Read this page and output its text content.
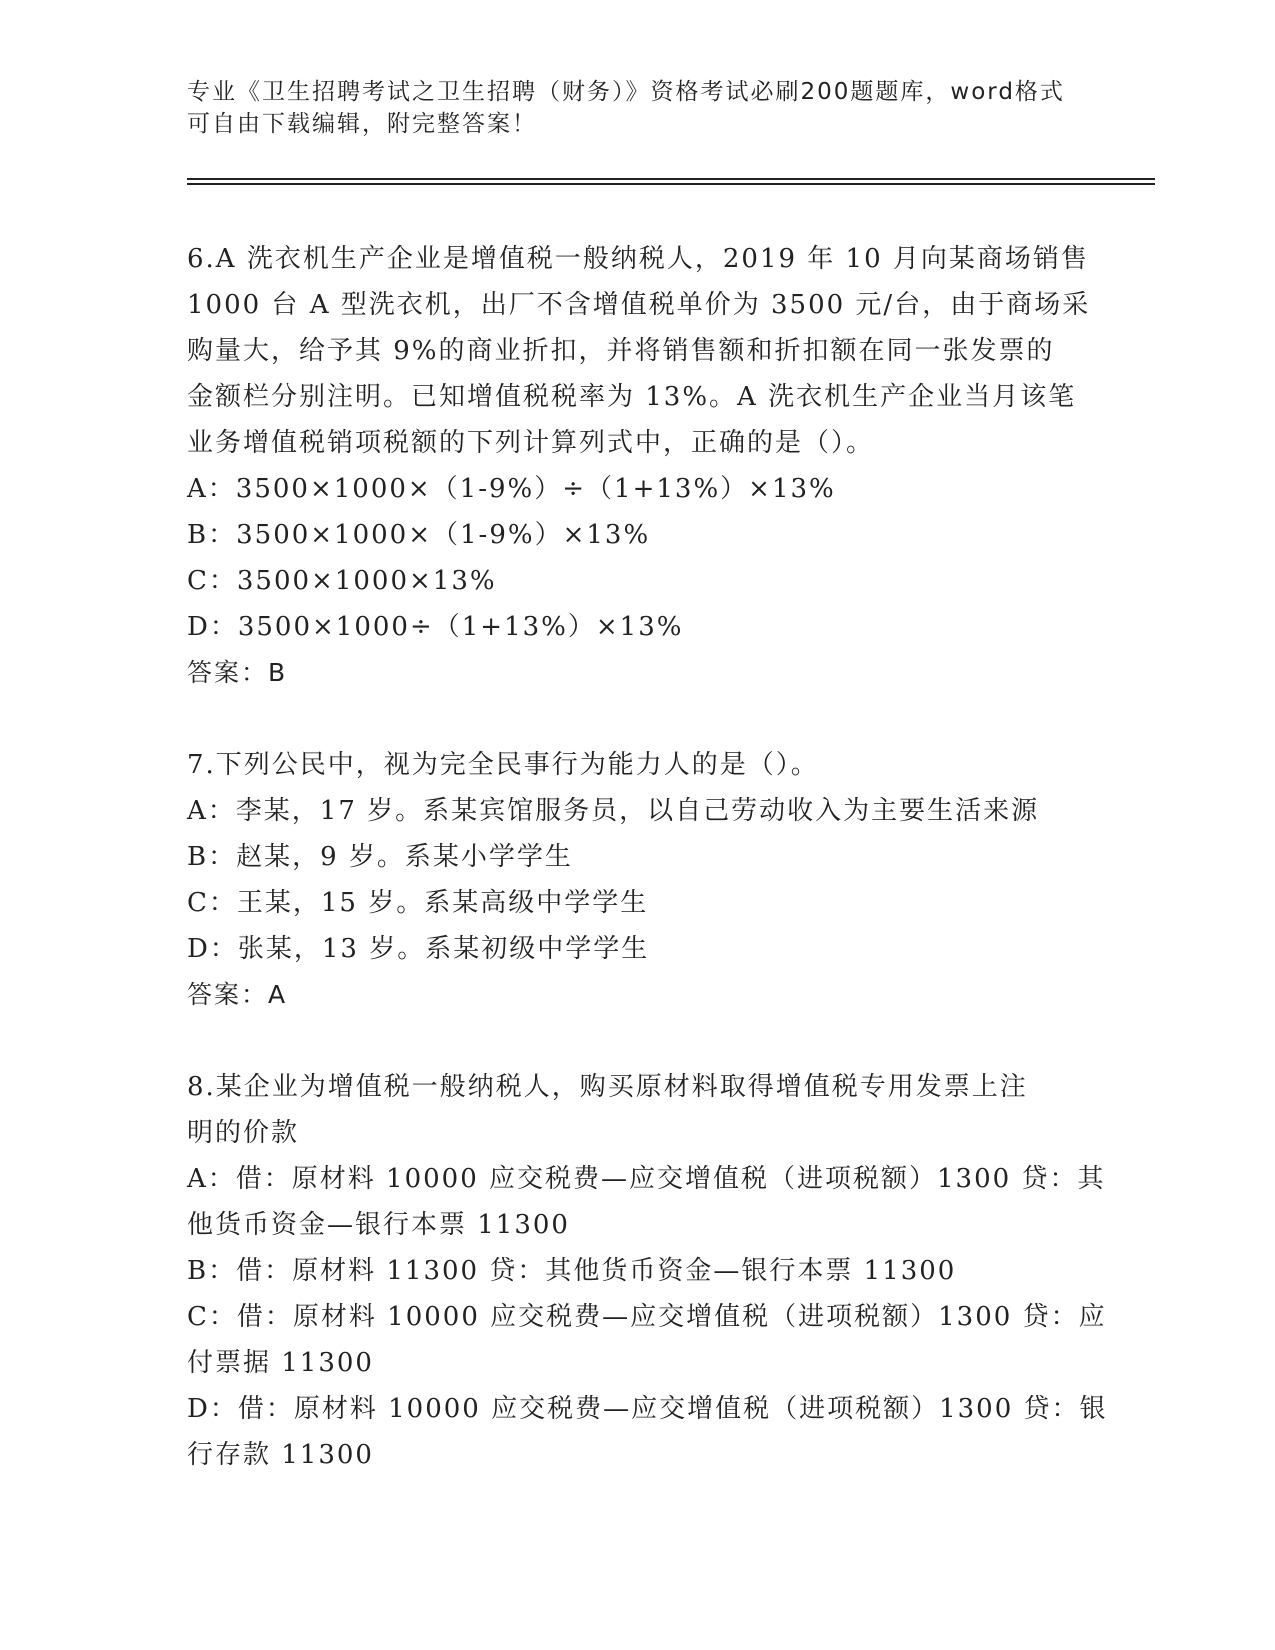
专业《卫生招聘考试之卫生招聘（财务）》资格考试必刷200题题库，word格式
可自由下载编辑，附完整答案！
6.A 洗衣机生产企业是增值税一般纳税人，2019 年 10 月向某商场销售
1000 台 A 型洗衣机，出厂不含增值税单价为 3500 元/台，由于商场采
购量大，给予其 9%的商业折扣，并将销售额和折扣额在同一张发票的
金额栏分别注明。已知增值税税率为 13%。A 洗衣机生产企业当月该笔
业务增值税销项税额的下列计算列式中，正确的是（）。
A：3500×1000×（1-9%）÷（1+13%）×13%
B：3500×1000×（1-9%）×13%
C：3500×1000×13%
D：3500×1000÷（1+13%）×13%
答案：B
7.下列公民中，视为完全民事行为能力人的是（）。
A：李某，17 岁。系某宾馆服务员，以自己劳动收入为主要生活来源
B：赵某，9 岁。系某小学学生
C：王某，15 岁。系某高级中学学生
D：张某，13 岁。系某初级中学学生
答案：A
8.某企业为增值税一般纳税人，购买原材料取得增值税专用发票上注
明的价款
A：借：原材料 10000 应交税费—应交增值税（进项税额）1300 贷：其
他货币资金—银行本票 11300
B：借：原材料 11300 贷：其他货币资金—银行本票 11300
C：借：原材料 10000 应交税费—应交增值税（进项税额）1300 贷：应
付票据 11300
D：借：原材料 10000 应交税费—应交增值税（进项税额）1300 贷：银
行存款 11300
